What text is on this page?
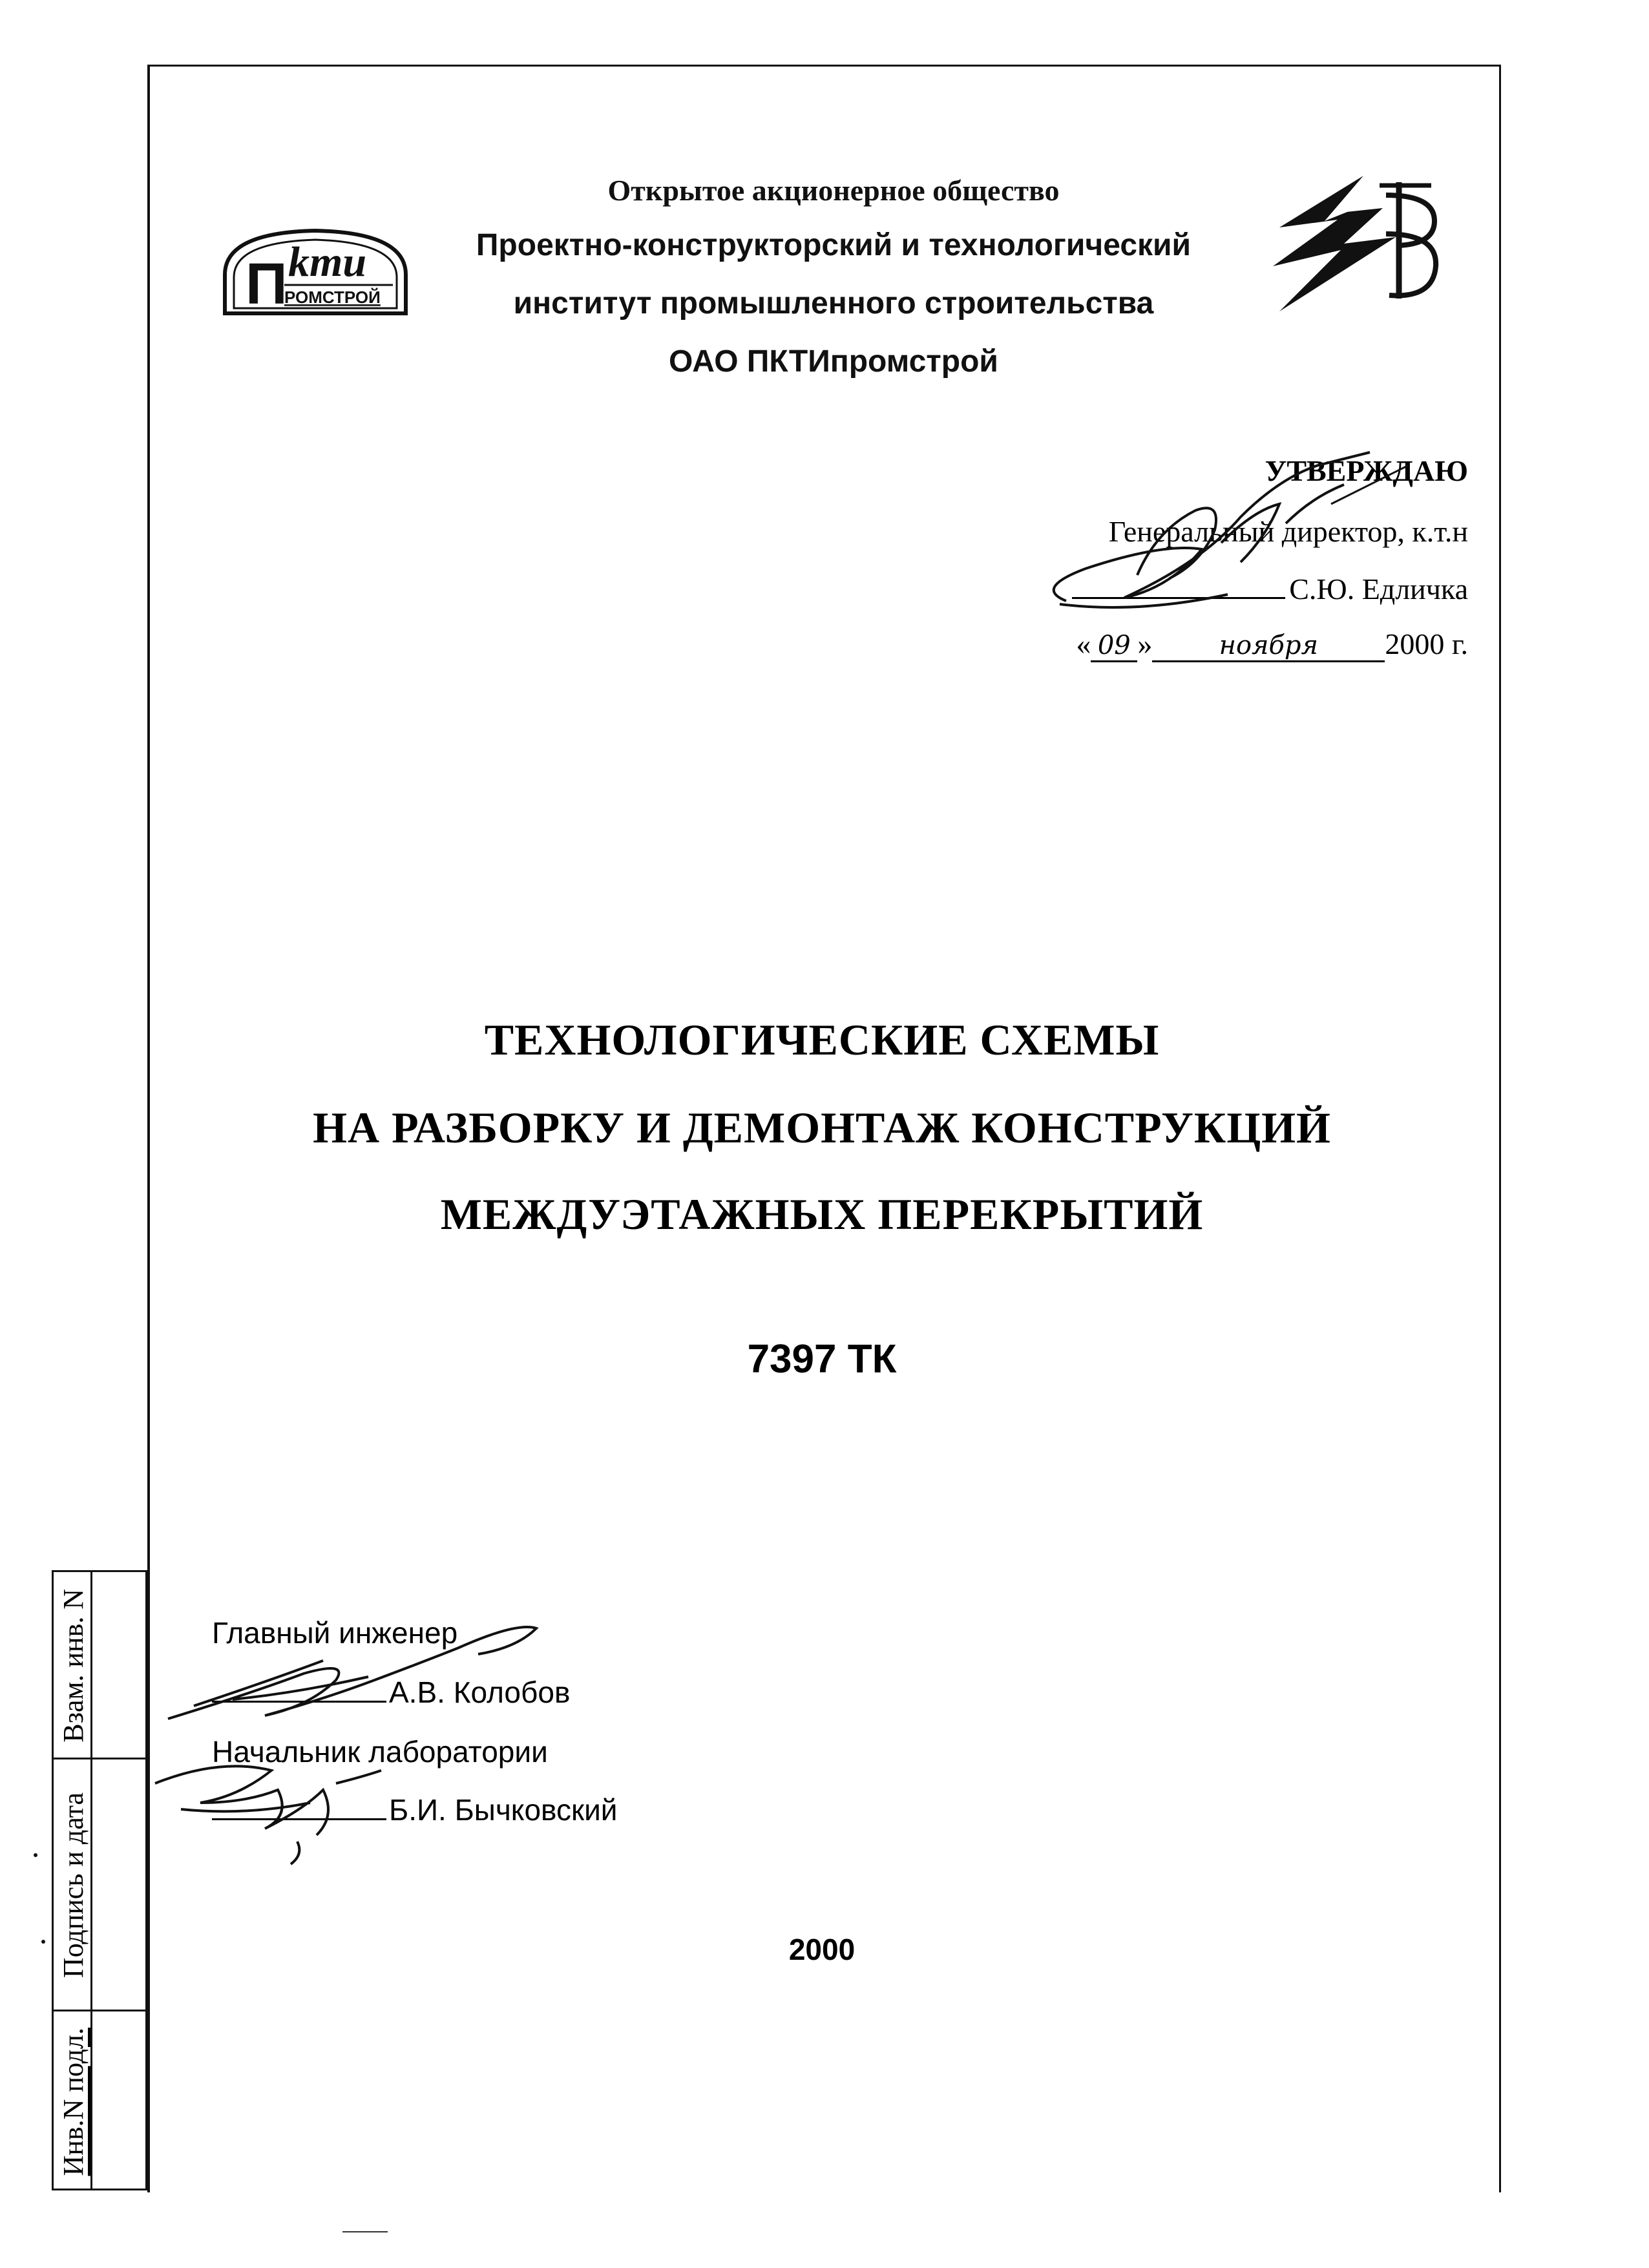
П kmu
РОМСТРОЙ
Открытое акционерное общество
Проектно-конструкторский и технологический
институт промышленного строительства
ОАО ПКТИпромстрой
УТВЕРЖДАЮ
Генеральный директор, к.т.н
С.Ю. Едличка
« 09 »	ноября 2000 г.
ТЕХНОЛОГИЧЕСКИЕ СХЕМЫ
НА РАЗБОРКУ И ДЕМОНТАЖ КОНСТРУКЦИЙ
МЕЖДУЭТАЖНЫХ ПЕРЕКРЫТИЙ
7397 ТК
Главный инженер
А.В. Колобов
Начальник лаборатории
Б.И. Бычковский
2000
Взам. инв. N
Подпись и дата
Инв.N подл.
